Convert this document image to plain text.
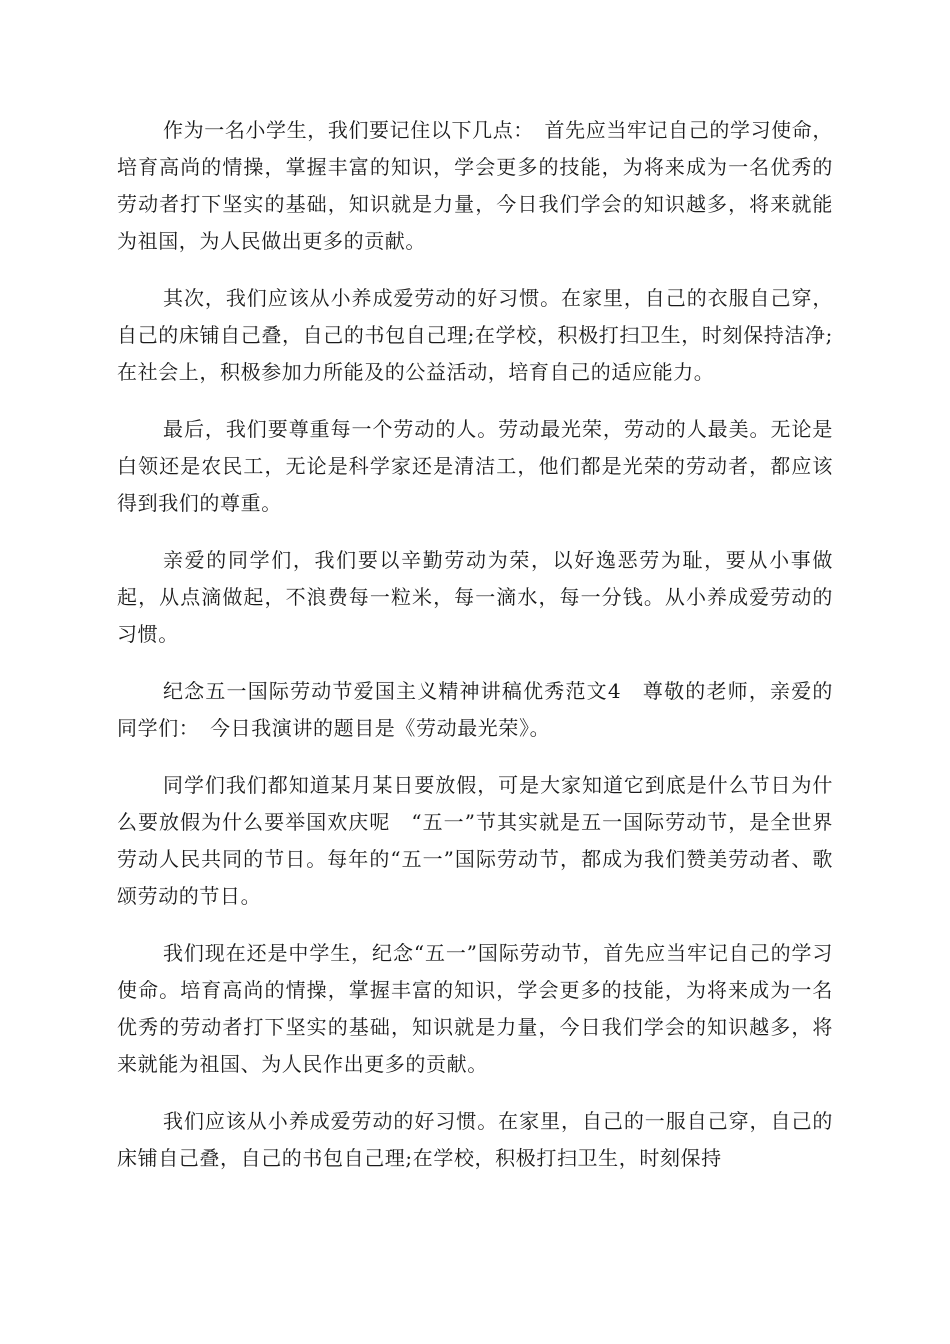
作为一名小学生，我们要记住以下几点：　首先应当牢记自己的学习使命，培育高尚的情操，掌握丰富的知识，学会更多的技能，为将来成为一名优秀的劳动者打下坚实的基础，知识就是力量，今日我们学会的知识越多，将来就能为祖国，为人民做出更多的贡献。

其次，我们应该从小养成爱劳动的好习惯。在家里，自己的衣服自己穿，自己的床铺自己叠，自己的书包自己理;在学校，积极打扫卫生，时刻保持洁净;在社会上，积极参加力所能及的公益活动，培育自己的适应能力。

最后，我们要尊重每一个劳动的人。劳动最光荣，劳动的人最美。无论是白领还是农民工，无论是科学家还是清洁工，他们都是光荣的劳动者，都应该得到我们的尊重。

亲爱的同学们，我们要以辛勤劳动为荣，以好逸恶劳为耻，要从小事做起，从点滴做起，不浪费每一粒米，每一滴水，每一分钱。从小养成爱劳动的习惯。

纪念五一国际劳动节爱国主义精神讲稿优秀范文4　尊敬的老师，亲爱的同学们：　今日我演讲的题目是《劳动最光荣》。

同学们我们都知道某月某日要放假，可是大家知道它到底是什么节日为什么要放假为什么要举国欢庆呢　“五一”节其实就是五一国际劳动节，是全世界劳动人民共同的节日。每年的“五一”国际劳动节，都成为我们赞美劳动者、歌颂劳动的节日。

我们现在还是中学生，纪念“五一”国际劳动节，首先应当牢记自己的学习使命。培育高尚的情操，掌握丰富的知识，学会更多的技能，为将来成为一名优秀的劳动者打下坚实的基础，知识就是力量，今日我们学会的知识越多，将来就能为祖国、为人民作出更多的贡献。

我们应该从小养成爱劳动的好习惯。在家里，自己的一服自己穿，自己的床铺自己叠，自己的书包自己理;在学校，积极打扫卫生，时刻保持
